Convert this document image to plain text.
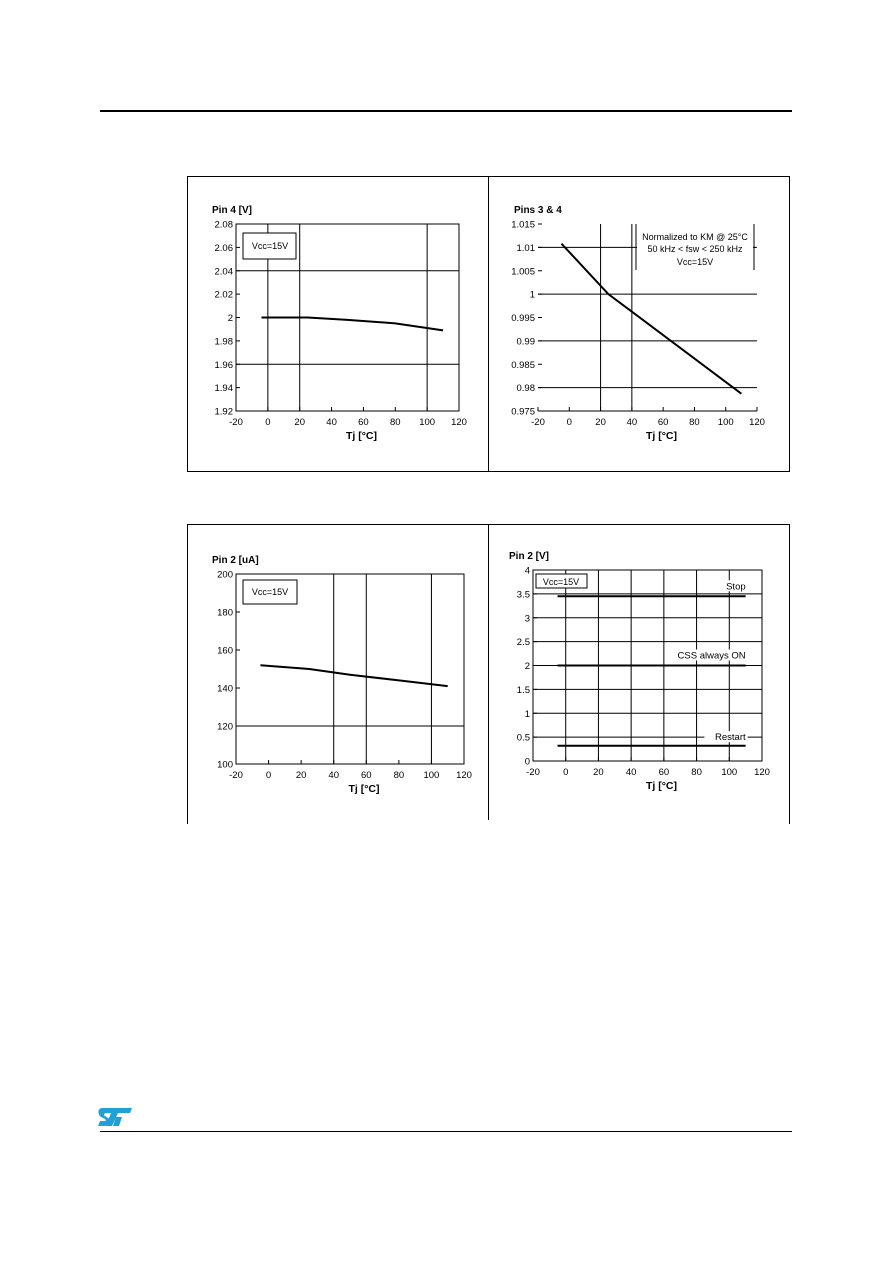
-20 0	20 40 60 80 100 120
1.92
1.94
1.96
1.98
2
2.02
2.04
2.06
2.08
Pin 4 [V]
Tj [°C]
Vcc=15V
-20 0 20 40 60 80 100 120
0.975
0.98
0.985
0.99
0.995
1
1.005
1.01
1.015
Pins 3 & 4
Tj [°C]
Normalized to KM @ 25°C
50 kHz < fsw < 250 kHz
Vcc=15V
-20 0	20 40 60 80 100 120
100
120
140
160
180
200
Pin 2 [uA]
Tj [°C]
Vcc=15V
-20 0	20 40 60 80 100 120
0
0.5
1
1.5
2
2.5
3
3.5
4
Pin 2 [V]
Tj [°C]
Vcc=15V	Stop
CSS always ON
Restart
